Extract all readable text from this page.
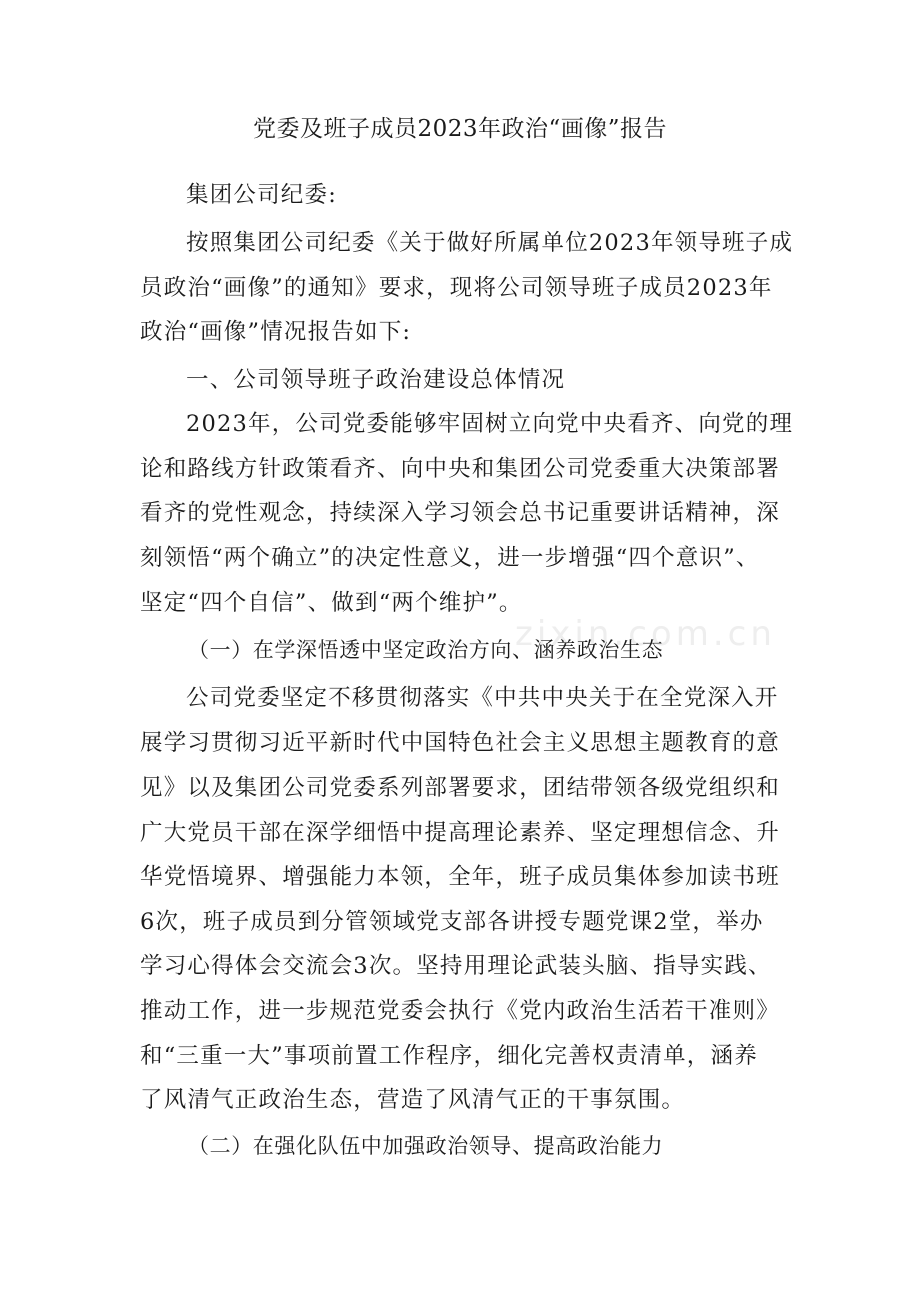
党委及班子成员2023年政治“画像”报告
集团公司纪委:
按照集团公司纪委《关于做好所属单位2023年领导班子成
员政治“画像”的通知》要求，现将公司领导班子成员2023年
政治“画像”情况报告如下:
一、公司领导班子政治建设总体情况
2023年，公司党委能够牢固树立向党中央看齐、向党的理
论和路线方针政策看齐、向中央和集团公司党委重大决策部署
看齐的党性观念，持续深入学习领会总书记重要讲话精神，深
刻领悟“两个确立”的决定性意义，进一步增强“四个意识”、
坚定“四个自信”、做到“两个维护”。
（一）在学深悟透中坚定政治方向、涵养政治生态
公司党委坚定不移贯彻落实《中共中央关于在全党深入开
展学习贯彻习近平新时代中国特色社会主义思想主题教育的意
见》以及集团公司党委系列部署要求，团结带领各级党组织和
广大党员干部在深学细悟中提高理论素养、坚定理想信念、升
华党悟境界、增强能力本领，全年，班子成员集体参加读书班
6次，班子成员到分管领域党支部各讲授专题党课2堂，举办
学习心得体会交流会3次。坚持用理论武装头脑、指导实践、
推动工作，进一步规范党委会执行《党内政治生活若干准则》
和“三重一大”事项前置工作程序，细化完善权责清单，涵养
了风清气正政治生态，营造了风清气正的干事氛围。
（二）在强化队伍中加强政治领导、提高政治能力
zixin.com.cn
